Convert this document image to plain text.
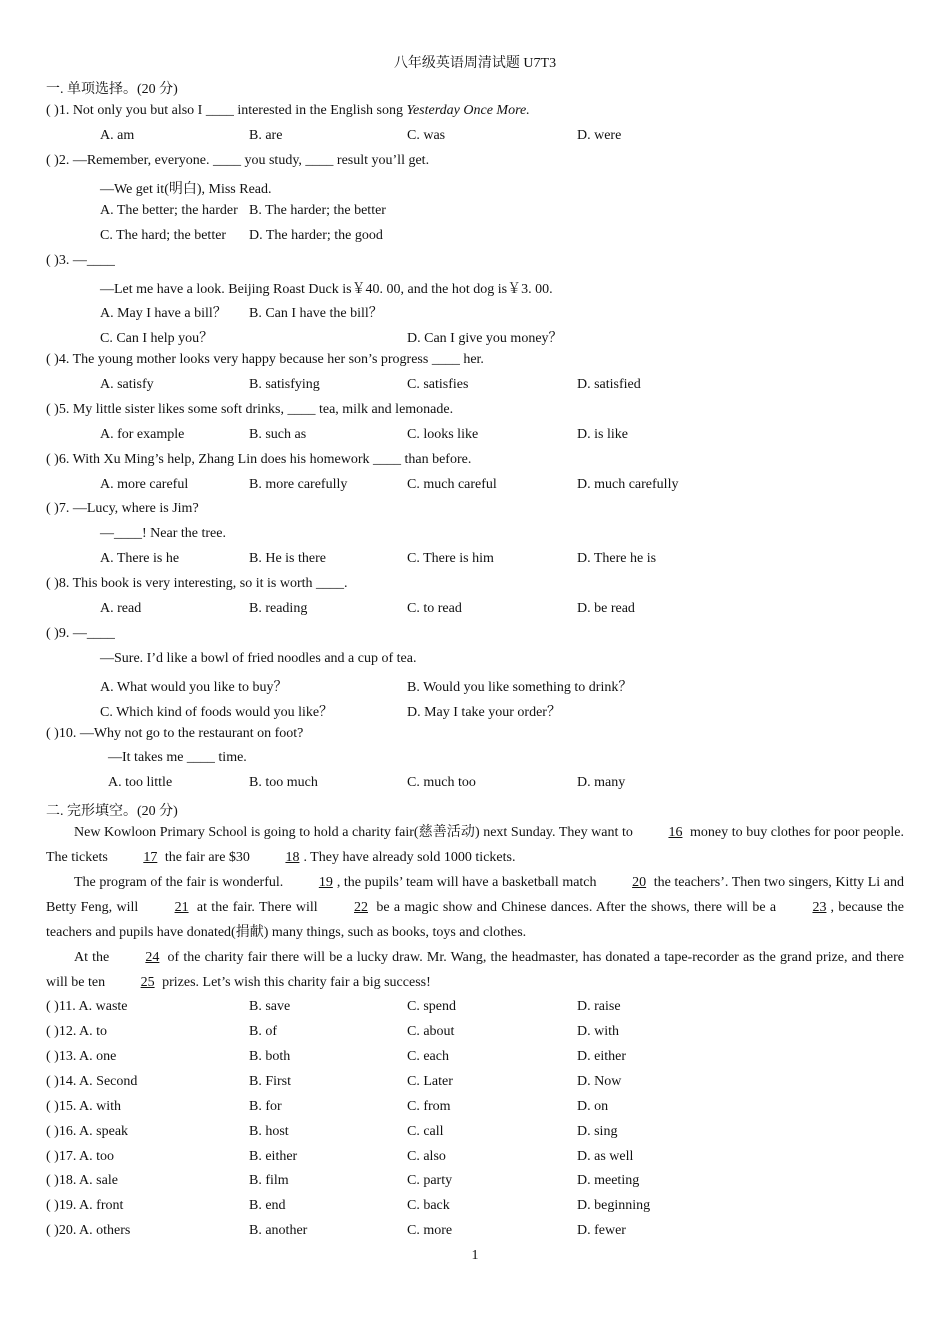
八年级英语周清试题 U7T3
一. 单项选择。(20 分)
( )1. Not only you but also I ____ interested in the English song Yesterday Once More.
A. am	B. are	C. was	D. were
( )2. —Remember, everyone. ____ you study, ____ result you’ll get.
—We get it(明白), Miss Read.
A. The better; the harder B. The harder; the better
C. The hard; the better D. The harder; the good
( )3. —____
—Let me have a look. Beijing Roast Duck is￥40. 00, and the hot dog is￥3. 00.
A. May I have a bill？ B. Can I have the bill？
C. Can I help you？	D. Can I give you money？
( )4. The young mother looks very happy because her son’s progress ____ her.
A. satisfy	B. satisfying	C. satisfies	D. satisfied
( )5. My little sister likes some soft drinks, ____ tea, milk and lemonade.
A. for example	B. such as	C. looks like	D. is like
( )6. With Xu Ming’s help, Zhang Lin does his homework ____ than before.
A. more careful	B. more carefully	C. much careful	D. much carefully
( )7. —Lucy, where is Jim?
—____! Near the tree.
A. There is he	B. He is there	C. There is him	D. There he is
( )8. This book is very interesting, so it is worth ____.
A. read	B. reading	C. to read	D. be read
( )9. —____
—Sure. I’d like a bowl of fried noodles and a cup of tea.
A. What would you like to buy？	B. Would you like something to drink？
C. Which kind of foods would you like？	D. May I take your order？
( )10. —Why not go to the restaurant on foot?
—It takes me ____ time.
A. too little	B. too much	C. much too	D. many
二. 完形填空。(20 分)

New Kowloon Primary School is going to hold a charity fair(慈善活动) next Sunday. They want to 16 money to buy clothes for poor people. The tickets 17 the fair are $30 18 . They have already sold 1000 tickets.

The program of the fair is wonderful. 19 , the pupils’ team will have a basketball match 20 the teachers’. Then two singers, Kitty Li and Betty Feng, will 21 at the fair. There will 22 be a magic show and Chinese dances. After the shows, there will be a 23 , because the teachers and pupils have donated(捐献) many things, such as books, toys and clothes.

At the 24 of the charity fair there will be a lucky draw. Mr. Wang, the headmaster, has donated a tape-recorder as the grand prize, and there will be ten 25 prizes. Let’s wish this charity fair a big success!

( )11. A. waste	B. save	C. spend	D. raise
( )12. A. to	B. of	C. about	D. with
( )13. A. one	B. both	C. each	D. either
( )14. A. Second	B. First	C. Later	D. Now
( )15. A. with	B. for	C. from	D. on
( )16. A. speak	B. host	C. call	D. sing
( )17. A. too	B. either	C. also	D. as well
( )18. A. sale	B. film	C. party	D. meeting
( )19. A. front	B. end	C. back	D. beginning
( )20. A. others	B. another	C. more	D. fewer
1
